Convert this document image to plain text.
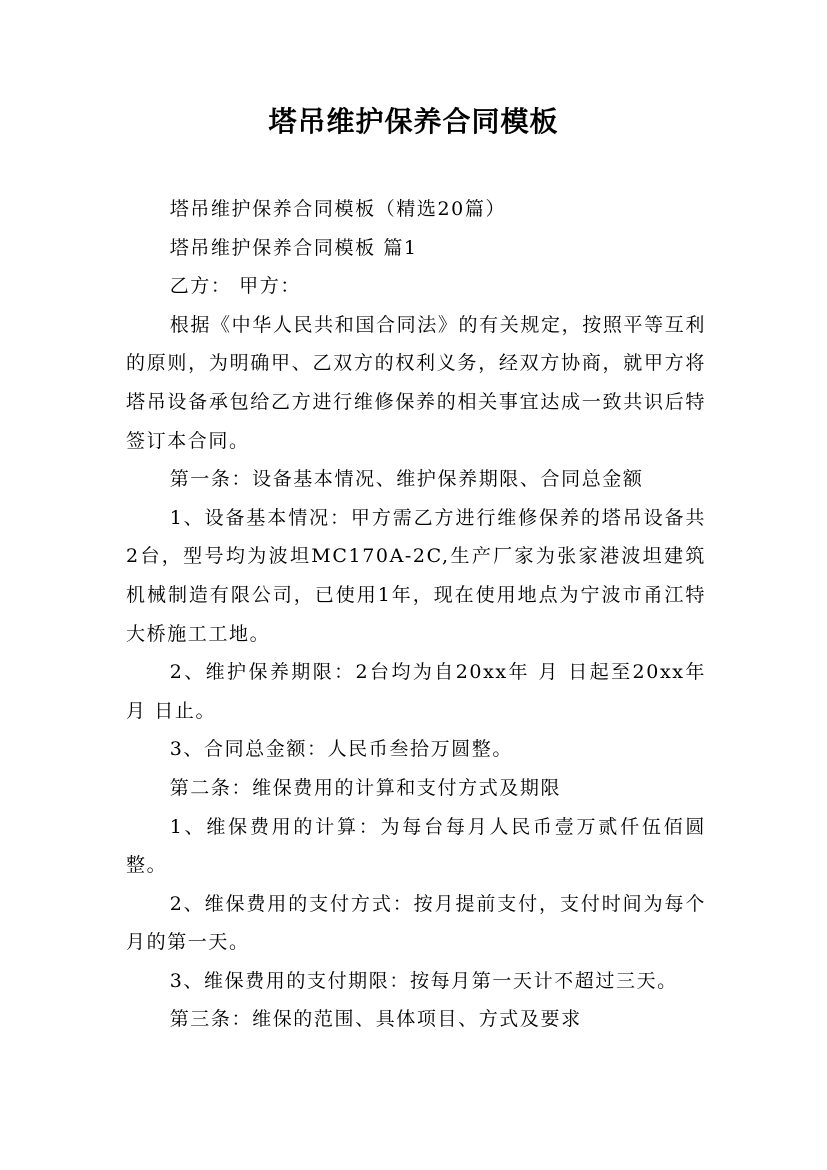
塔吊维护保养合同模板

塔吊维护保养合同模板（精选20篇）

塔吊维护保养合同模板 篇1

乙方： 甲方：

根据《中华人民共和国合同法》的有关规定，按照平等互利的原则，为明确甲、乙双方的权利义务，经双方协商，就甲方将塔吊设备承包给乙方进行维修保养的相关事宜达成一致共识后特签订本合同。

第一条：设备基本情况、维护保养期限、合同总金额

1、设备基本情况：甲方需乙方进行维修保养的塔吊设备共2台，型号均为波坦MC170A-2C,生产厂家为张家港波坦建筑机械制造有限公司，已使用1年，现在使用地点为宁波市甬江特大桥施工工地。

2、维护保养期限：2台均为自20xx年 月 日起至20xx年 月 日止。

3、合同总金额：人民币叁拾万圆整。

第二条：维保费用的计算和支付方式及期限

1、维保费用的计算：为每台每月人民币壹万贰仟伍佰圆整。

2、维保费用的支付方式：按月提前支付，支付时间为每个月的第一天。

3、维保费用的支付期限：按每月第一天计不超过三天。

第三条：维保的范围、具体项目、方式及要求
